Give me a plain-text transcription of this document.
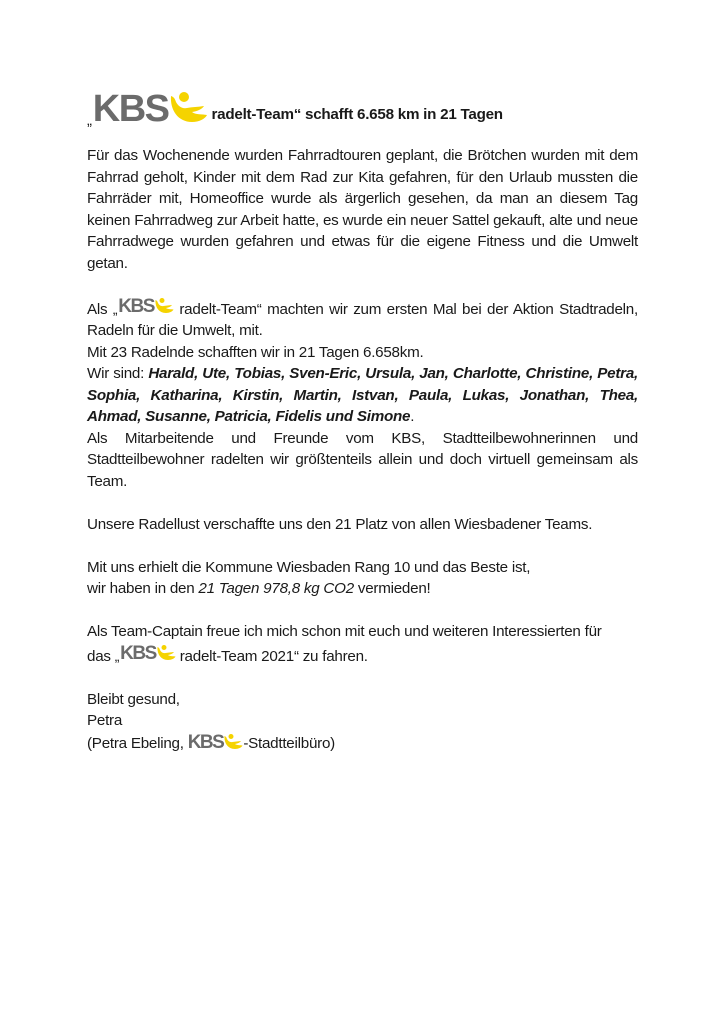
„ KBS	radelt-Team“ schafft 6.658 km in 21 Tagen

Für das Wochenende wurden Fahrradtouren geplant, die Brötchen wurden mit dem Fahrrad geholt, Kinder mit dem Rad zur Kita gefahren, für den Urlaub mussten die Fahrräder mit, Homeoffice wurde als ärgerlich gesehen, da man an diesem Tag keinen Fahrradweg zur Arbeit hatte, es wurde ein neuer Sattel gekauft, alte und neue Fahrradwege wurden gefahren und etwas für die eigene Fitness und die Umwelt getan.

Als „ KBS radelt-Team“ machten wir zum ersten Mal bei der Aktion Stadtradeln, Radeln für die Umwelt, mit.

Mit 23 Radelnde schafften wir in 21 Tagen 6.658km.

Wir sind: Harald, Ute, Tobias, Sven-Eric, Ursula, Jan, Charlotte, Christine, Petra, Sophia, Katharina, Kirstin, Martin, Istvan, Paula, Lukas, Jonathan, Thea, Ahmad, Susanne, Patricia, Fidelis und Simone.

Als Mitarbeitende und Freunde vom KBS, Stadtteilbewohnerinnen und Stadtteilbewohner radelten wir größtenteils allein und doch virtuell gemeinsam als Team.

Unsere Radellust verschaffte uns den 21 Platz von allen Wiesbadener Teams.

Mit uns erhielt die Kommune Wiesbaden Rang 10 und das Beste ist,

wir haben in den 21 Tagen 978,8 kg CO2 vermieden!

Als Team-Captain freue ich mich schon mit euch und weiteren Interessierten für

das „ KBS radelt-Team 2021“ zu fahren.

Bleibt gesund,

Petra

(Petra Ebeling, KBS -Stadtteilbüro)
